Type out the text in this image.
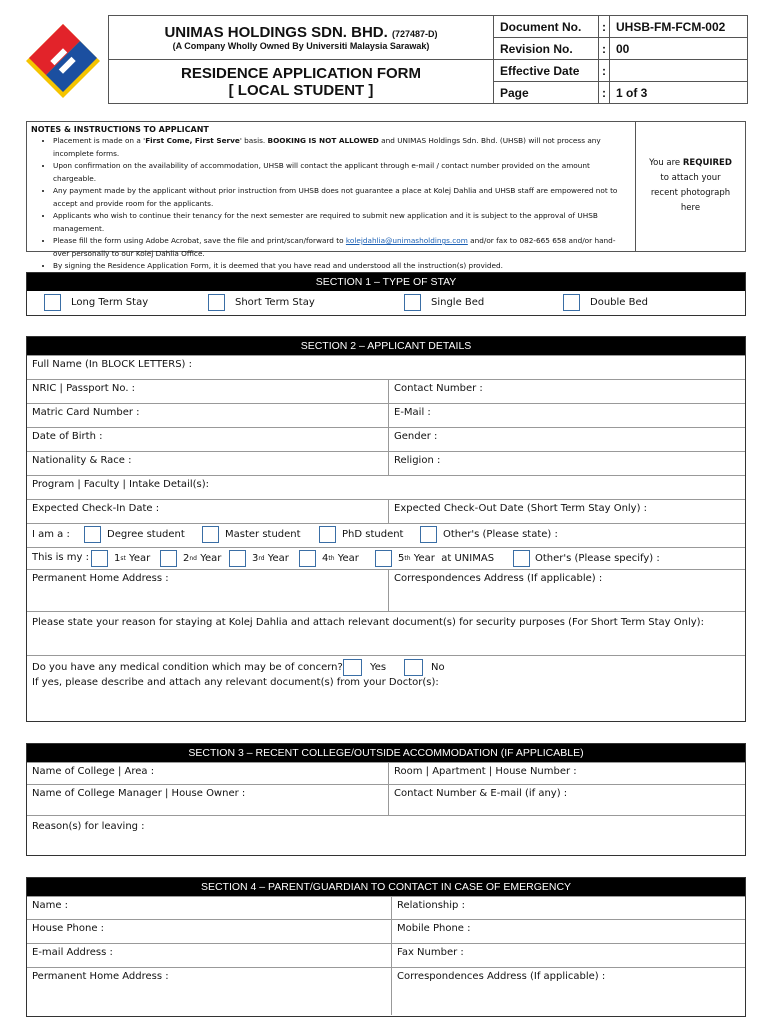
UNIMAS HOLDINGS SDN. BHD. (727487-D)
(A Company Wholly Owned By Universiti Malaysia Sarawak)	Document No.	:	UHSB-FM-FCM-002
	Revision No.	:	00

RESIDENCE APPLICATION FORM
[ LOCAL STUDENT ]	Effective Date	:	
	Page	:	1 of 3
NOTES & INSTRUCTIONS TO APPLICANT
• Placement is made on a 'First Come, First Serve' basis. BOOKING IS NOT ALLOWED and UNIMAS Holdings Sdn. Bhd. (UHSB) will not process any incomplete forms.
• Upon confirmation on the availability of accommodation, UHSB will contact the applicant through e-mail / contact number provided on the amount chargeable.
• Any payment made by the applicant without prior instruction from UHSB does not guarantee a place at Kolej Dahlia and UHSB staff are empowered not to accept and provide room for the applicants.
• Applicants who wish to continue their tenancy for the next semester are required to submit new application and it is subject to the approval of UHSB management.
• Please fill the form using Adobe Acrobat, save the file and print/scan/forward to kolejdahlia@unimasholdings.com and/or fax to 082-665 658 and/or hand-over personally to our Kolej Dahlia Office.
• By signing the Residence Application Form, it is deemed that you have read and understood all the instruction(s) provided.
You are REQUIRED
to attach your
recent photograph
here
SECTION 1 – TYPE OF STAY
Long Term Stay	Short Term Stay	Single Bed	Double Bed
SECTION 2 – APPLICANT DETAILS
Full Name (In BLOCK LETTERS) :
NRIC | Passport No. :	Contact Number :
Matric Card Number :	E-Mail :
Date of Birth :	Gender :
Nationality & Race :	Religion :
Program | Faculty | Intake Detail(s):
Expected Check-In Date :	Expected Check-Out Date (Short Term Stay Only) :
I am a :	Degree student	Master student	PhD student	Other's (Please state) :
This is my :	1 st
Year	2 nd
Year	3 rd
Year	4 th
Year	5 th
Year
at UNIMAS	Other's (Please specify) :
Permanent Home Address :	Correspondences Address (If applicable) :
Please state your reason for staying at Kolej Dahlia and attach relevant document(s) for security purposes (For Short Term Stay Only):
Do you have any medical condition which may be of concern?	Yes	No
If yes, please describe and attach any relevant document(s) from your Doctor(s):
SECTION 3 – RECENT COLLEGE/OUTSIDE ACCOMMODATION (IF APPLICABLE)
Name of College | Area :	Room | Apartment | House Number :
Name of College Manager | House Owner :	Contact Number & E-mail (if any) :
Reason(s) for leaving :
SECTION 4 – PARENT/GUARDIAN TO CONTACT IN CASE OF EMERGENCY
Name :	Relationship :
House Phone :	Mobile Phone :
E-mail Address :	Fax Number :
Permanent Home Address :	Correspondences Address (If applicable) :
